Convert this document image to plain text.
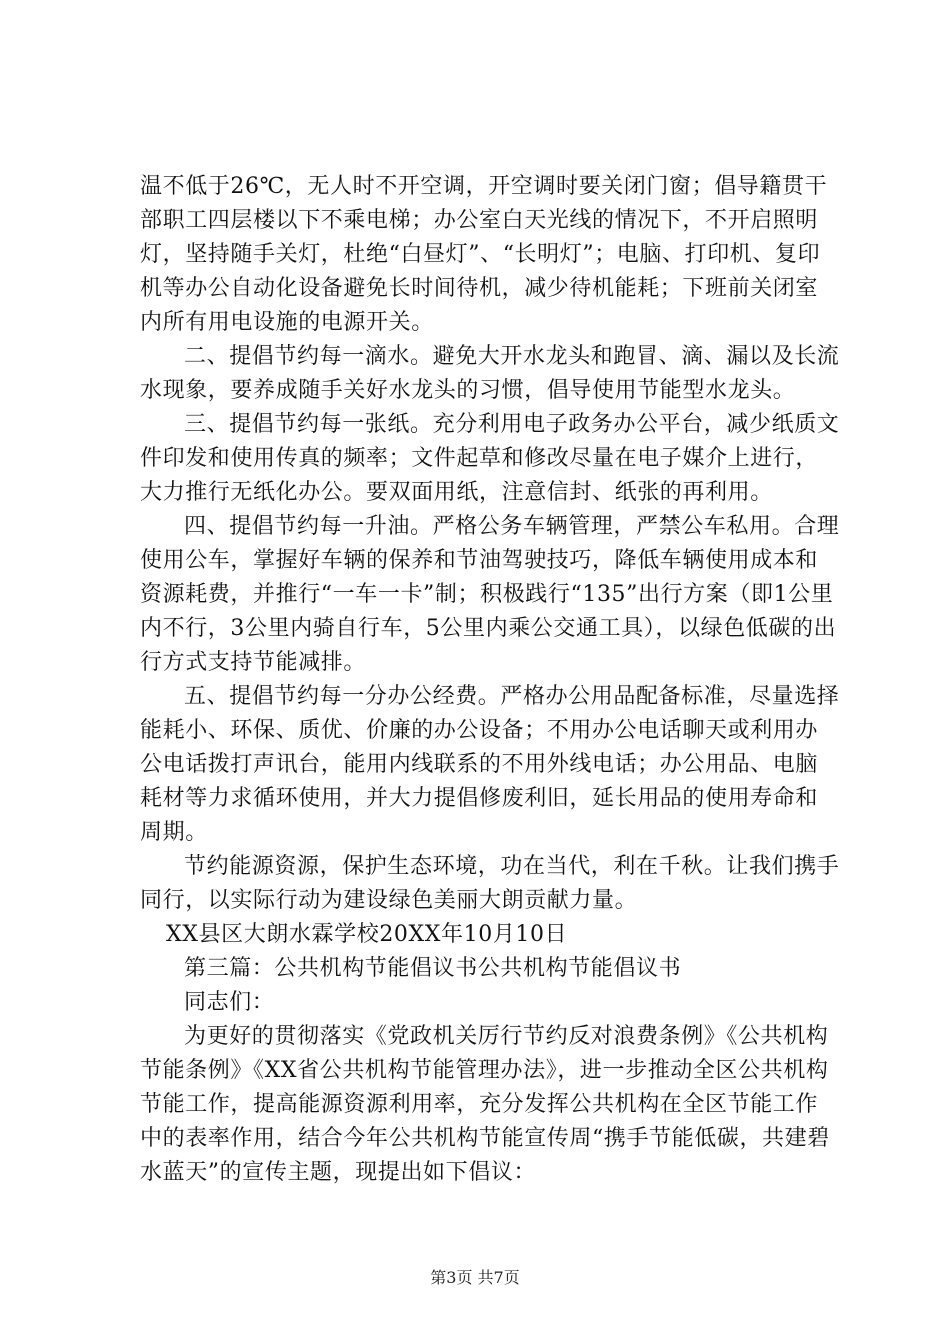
温不低于26℃，无人时不开空调，开空调时要关闭门窗；倡导籍贯干部职工四层楼以下不乘电梯；办公室白天光线的情况下，不开启照明灯，坚持随手关灯，杜绝“白昼灯”、“长明灯”；电脑、打印机、复印机等办公自动化设备避免长时间待机，减少待机能耗；下班前关闭室内所有用电设施的电源开关。

二、提倡节约每一滴水。避免大开水龙头和跑冒、滴、漏以及长流水现象，要养成随手关好水龙头的习惯，倡导使用节能型水龙头。

三、提倡节约每一张纸。充分利用电子政务办公平台，减少纸质文件印发和使用传真的频率；文件起草和修改尽量在电子媒介上进行，大力推行无纸化办公。要双面用纸，注意信封、纸张的再利用。

四、提倡节约每一升油。严格公务车辆管理，严禁公车私用。合理使用公车，掌握好车辆的保养和节油驾驶技巧，降低车辆使用成本和资源耗费，并推行“一车一卡”制；积极践行“135”出行方案（即1公里内不行，3公里内骑自行车，5公里内乘公交通工具），以绿色低碳的出行方式支持节能减排。

五、提倡节约每一分办公经费。严格办公用品配备标准，尽量选择能耗小、环保、质优、价廉的办公设备；不用办公电话聊天或利用办公电话拨打声讯台，能用内线联系的不用外线电话；办公用品、电脑耗材等力求循环使用，并大力提倡修废利旧，延长用品的使用寿命和周期。

节约能源资源，保护生态环境，功在当代，利在千秋。让我们携手同行，以实际行动为建设绿色美丽大朗贡献力量。

XX县区大朗水霖学校20XX年10月10日

第三篇：公共机构节能倡议书公共机构节能倡议书

同志们：

为更好的贯彻落实《党政机关厉行节约反对浪费条例》《公共机构节能条例》《XX省公共机构节能管理办法》，进一步推动全区公共机构节能工作，提高能源资源利用率，充分发挥公共机构在全区节能工作中的表率作用，结合今年公共机构节能宣传周“携手节能低碳，共建碧水蓝天”的宣传主题，现提出如下倡议：

第3页 共7页
